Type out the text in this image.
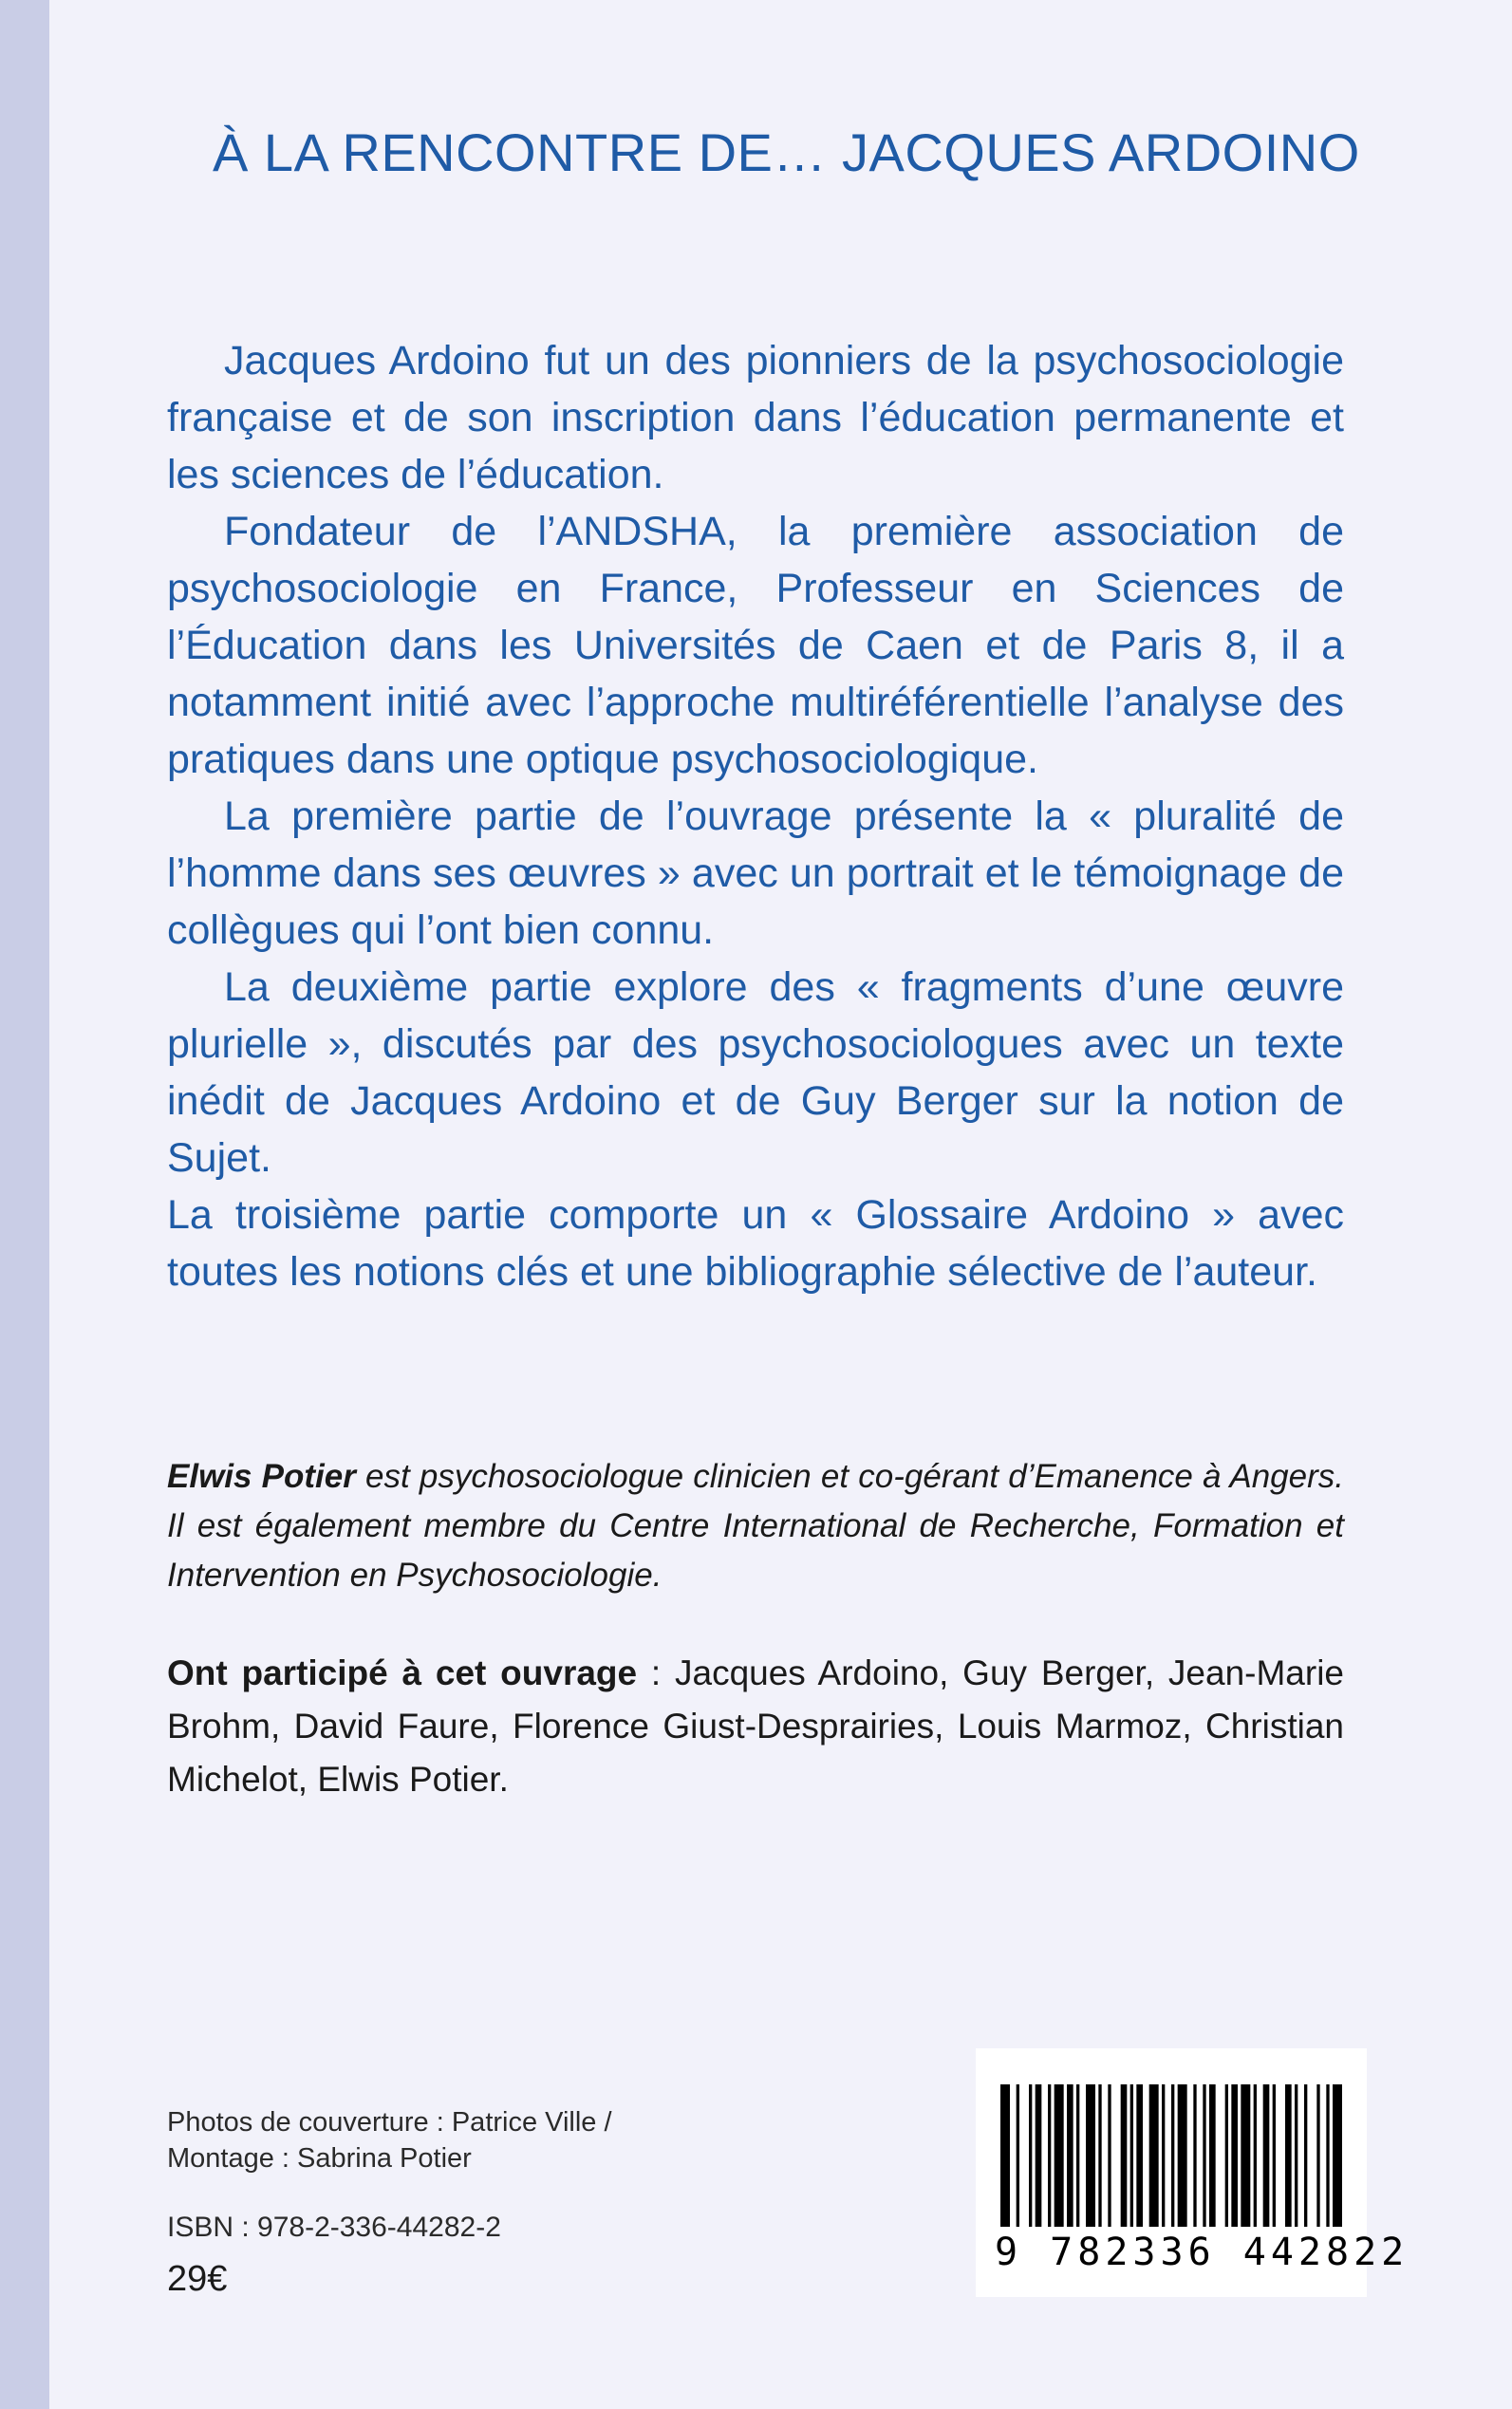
À LA RENCONTRE DE… JACQUES ARDOINO

Jacques Ardoino fut un des pionniers de la psychosociologie française et de son inscription dans l’éducation permanente et les sciences de l’éducation.

Fondateur de l’ANDSHA, la première association de psychosociologie en France, Professeur en Sciences de l’Éducation dans les Universités de Caen et de Paris 8, il a notamment initié avec l’approche multiréférentielle l’analyse des pratiques dans une optique psychosociologique.

La première partie de l’ouvrage présente la « pluralité de l’homme dans ses œuvres » avec un portrait et le témoignage de collègues qui l’ont bien connu.

La deuxième partie explore des « fragments d’une œuvre plurielle », discutés par des psychosociologues avec un texte inédit de Jacques Ardoino et de Guy Berger sur la notion de Sujet.

La troisième partie comporte un « Glossaire Ardoino » avec toutes les notions clés et une bibliographie sélective de l’auteur.

Elwis Potier est psychosociologue clinicien et co-gérant d’Emanence à Angers. Il est également membre du Centre International de Recherche, Formation et Intervention en Psychosociologie.

Ont participé à cet ouvrage : Jacques Ardoino, Guy Berger, Jean-Marie Brohm, David Faure, Florence Giust-Desprairies, Louis Marmoz, Christian Michelot, Elwis Potier.

Photos de couverture : Patrice Ville /
Montage : Sabrina Potier
ISBN : 978-2-336-44282-2
29€
9 782336 442822
